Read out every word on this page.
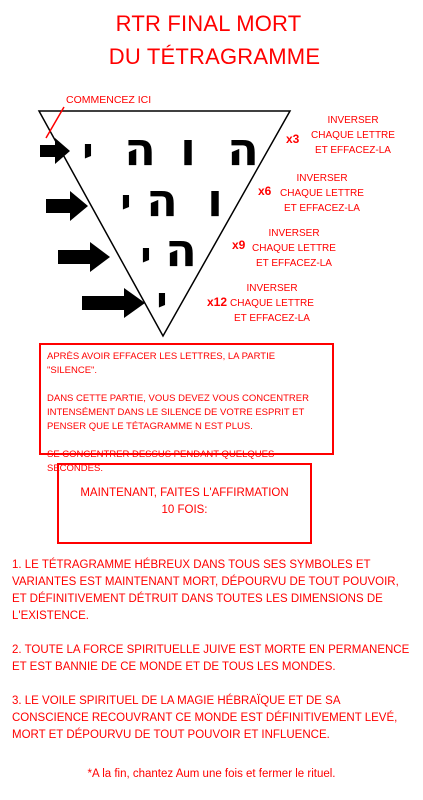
RTR FINAL MORT
DU TÉTRAGRAMME
י ה ו ה
י ה ו
י ה
י
COMMENCEZ ICI
x3
INVERSER
CHAQUE LETTRE
ET EFFACEZ-LA
x6
INVERSER
CHAQUE LETTRE
ET EFFACEZ-LA
x9
INVERSER
CHAQUE LETTRE
ET EFFACEZ-LA
x12
INVERSER
CHAQUE LETTRE
ET EFFACEZ-LA

APRÈS AVOIR EFFACER LES LETTRES, LA PARTIE "SILENCE".

DANS CETTE PARTIE, VOUS DEVEZ VOUS CONCENTRER INTENSÉMENT DANS LE SILENCE DE VOTRE ESPRIT ET PENSER QUE LE TÉTAGRAMME N EST PLUS.

SE CONCENTRER DESSUS PENDANT QUELQUES SECONDES.

MAINTENANT, FAITES L'AFFIRMATION
10 FOIS:

1. LE TÉTRAGRAMME HÉBREUX DANS TOUS SES SYMBOLES ET VARIANTES EST MAINTENANT MORT, DÉPOURVU DE TOUT POUVOIR, ET DÉFINITIVEMENT DÉTRUIT DANS TOUTES LES DIMENSIONS DE L'EXISTENCE.

2. TOUTE LA FORCE SPIRITUELLE JUIVE EST MORTE EN PERMANENCE ET EST BANNIE DE CE MONDE ET DE TOUS LES MONDES.

3. LE VOILE SPIRITUEL DE LA MAGIE HÉBRAÏQUE ET DE SA CONSCIENCE RECOUVRANT CE MONDE EST DÉFINITIVEMENT LEVÉ, MORT ET DÉPOURVU DE TOUT POUVOIR ET INFLUENCE.

*A la fin, chantez Aum une fois et fermer le rituel.
